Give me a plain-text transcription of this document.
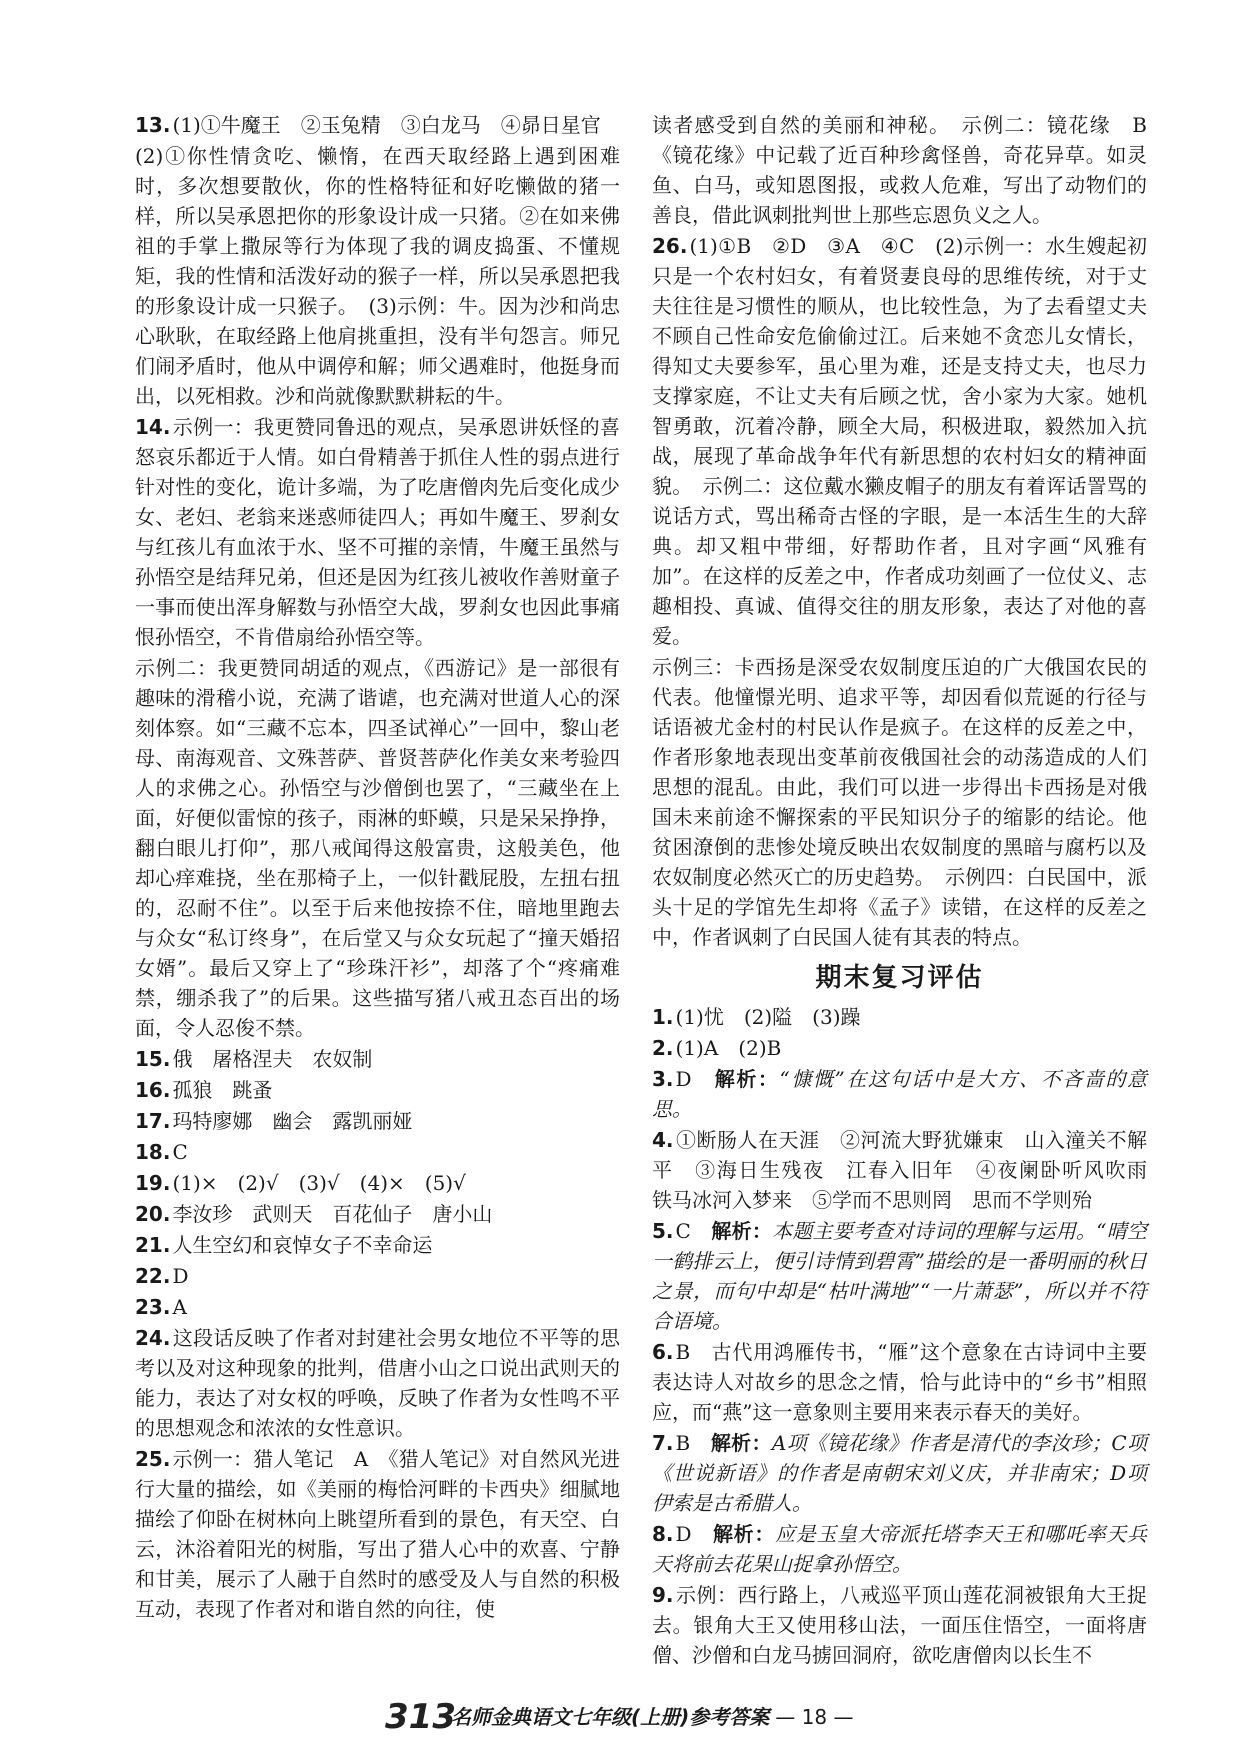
13. (1)①牛魔王　②玉兔精　③白龙马　④昴日星官
(2)①你性情贪吃、懒惰，在西天取经路上遇到困难时，多次想要散伙，你的性格特征和好吃懒做的猪一样，所以吴承恩把你的形象设计成一只猪。②在如来佛祖的手掌上撒尿等行为体现了我的调皮捣蛋、不懂规矩，我的性情和活泼好动的猴子一样，所以吴承恩把我的形象设计成一只猴子。　(3)示例：牛。因为沙和尚忠心耿耿，在取经路上他肩挑重担，没有半句怨言。师兄们闹矛盾时，他从中调停和解；师父遇难时，他挺身而出，以死相救。沙和尚就像默默耕耘的牛。
14. 示例一：我更赞同鲁迅的观点，吴承恩讲妖怪的喜怒哀乐都近于人情。如白骨精善于抓住人性的弱点进行针对性的变化，诡计多端，为了吃唐僧肉先后变化成少女、老妇、老翁来迷惑师徒四人；再如牛魔王、罗刹女与红孩儿有血浓于水、坚不可摧的亲情，牛魔王虽然与孙悟空是结拜兄弟，但还是因为红孩儿被收作善财童子一事而使出浑身解数与孙悟空大战，罗刹女也因此事痛恨孙悟空，不肯借扇给孙悟空等。
示例二：我更赞同胡适的观点，《西游记》是一部很有趣味的滑稽小说，充满了谐谑，也充满对世道人心的深刻体察。如“三藏不忘本，四圣试禅心”一回中，黎山老母、南海观音、文殊菩萨、普贤菩萨化作美女来考验四人的求佛之心。孙悟空与沙僧倒也罢了，“三藏坐在上面，好便似雷惊的孩子，雨淋的虾蟆，只是呆呆挣挣，翻白眼儿打仰”，那八戒闻得这般富贵，这般美色，他却心痒难挠，坐在那椅子上，一似针戳屁股，左扭右扭的，忍耐不住”。以至于后来他按捺不住，暗地里跑去与众女“私订终身”，在后堂又与众女玩起了“撞天婚招女婿”。最后又穿上了“珍珠汗衫”，却落了个“疼痛难禁，绷杀我了”的后果。这些描写猪八戒丑态百出的场面，令人忍俊不禁。
15. 俄　屠格涅夫　农奴制
16. 孤狼　跳蚤
17. 玛特廖娜　幽会　露凯丽娅
18. C
19. (1)×　(2)√　(3)√　(4)×　(5)√
20. 李汝珍　武则天　百花仙子　唐小山
21. 人生空幻和哀悼女子不幸命运
22. D
23. A
24. 这段话反映了作者对封建社会男女地位不平等的思考以及对这种现象的批判，借唐小山之口说出武则天的能力，表达了对女权的呼唤，反映了作者为女性鸣不平的思想观念和浓浓的女性意识。
25. 示例一：猎人笔记　A　《猎人笔记》对自然风光进行大量的描绘，如《美丽的梅恰河畔的卡西央》细腻地描绘了仰卧在树林向上眺望所看到的景色，有天空、白云，沐浴着阳光的树脂，写出了猎人心中的欢喜、宁静和甘美，展示了人融于自然时的感受及人与自然的积极互动，表现了作者对和谐自然的向往，使
读者感受到自然的美丽和神秘。　示例二：镜花缘　B　《镜花缘》中记载了近百种珍禽怪兽，奇花异草。如灵鱼、白马，或知恩图报，或救人危难，写出了动物们的善良，借此讽刺批判世上那些忘恩负义之人。
26. (1)①B　②D　③A　④C　(2)示例一：水生嫂起初只是一个农村妇女，有着贤妻良母的思维传统，对于丈夫往往是习惯性的顺从，也比较性急，为了去看望丈夫不顾自己性命安危偷偷过江。后来她不贪恋儿女情长，得知丈夫要参军，虽心里为难，还是支持丈夫，也尽力支撑家庭，不让丈夫有后顾之忧，舍小家为大家。她机智勇敢，沉着冷静，顾全大局，积极进取，毅然加入抗战，展现了革命战争年代有新思想的农村妇女的精神面貌。　示例二：这位戴水獭皮帽子的朋友有着诨话詈骂的说话方式，骂出稀奇古怪的字眼，是一本活生生的大辞典。却又粗中带细，好帮助作者，且对字画“风雅有加”。在这样的反差之中，作者成功刻画了一位仗义、志趣相投、真诚、值得交往的朋友形象，表达了对他的喜爱。
示例三：卡西扬是深受农奴制度压迫的广大俄国农民的代表。他憧憬光明、追求平等，却因看似荒诞的行径与话语被尤金村的村民认作是疯子。在这样的反差之中，作者形象地表现出变革前夜俄国社会的动荡造成的人们思想的混乱。由此，我们可以进一步得出卡西扬是对俄国未来前途不懈探索的平民知识分子的缩影的结论。他贫困潦倒的悲惨处境反映出农奴制度的黑暗与腐朽以及农奴制度必然灭亡的历史趋势。　示例四：白民国中，派头十足的学馆先生却将《孟子》读错，在这样的反差之中，作者讽刺了白民国人徒有其表的特点。
期末复习评估
1. (1)忧　(2)隘　(3)躁
2. (1)A　(2)B
3. D　解析：“慷慨”在这句话中是大方、不吝啬的意思。
4. ①断肠人在天涯　②河流大野犹嫌束　山入潼关不解平　③海日生残夜　江春入旧年　④夜阑卧听风吹雨　铁马冰河入梦来　⑤学而不思则罔　思而不学则殆
5. C　解析：本题主要考查对诗词的理解与运用。“晴空一鹤排云上，便引诗情到碧霄”描绘的是一番明丽的秋日之景，而句中却是“枯叶满地”“一片萧瑟”，所以并不符合语境。
6. B　古代用鸿雁传书，“雁”这个意象在古诗词中主要表达诗人对故乡的思念之情，恰与此诗中的“乡书”相照应，而“燕”这一意象则主要用来表示春天的美好。
7. B　解析：A项《镜花缘》作者是清代的李汝珍；C项《世说新语》的作者是南朝宋刘义庆，并非南宋；D项伊索是古希腊人。
8. D　解析：应是玉皇大帝派托塔李天王和哪吒率天兵天将前去花果山捉拿孙悟空。
9. 示例：西行路上，八戒巡平顶山莲花洞被银角大王捉去。银角大王又使用移山法，一面压住悟空，一面将唐僧、沙僧和白龙马掳回洞府，欲吃唐僧肉以长生不
313
名师金典语文七年级(上册)参考答案 — 18 —
